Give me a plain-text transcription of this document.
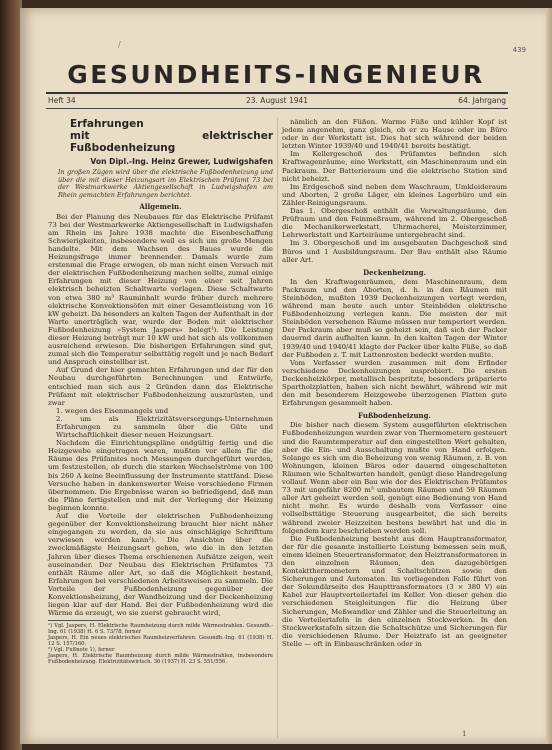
/
439
GESUNDHEITS-INGENIEUR
Heft 34	23. August 1941	64. Jahrgang
Erfahrungen
mit elektrischer Fußbodenheizung
Von Dipl.-Ing. Heinz Grewer, Ludwigshafen
In großen Zügen wird über die elektrische Fußbodenheizung und über die mit dieser Heizungsart im Elektrischen Prüfamt 73 bei der Westmarkwerke Aktiengesellschaft in Ludwigshafen am Rhein gemachten Erfahrungen berichtet.
Allgemein.

Bei der Planung des Neubaues für das Elektrische Prüfamt 73 bei der Westmarkwerke Aktiengesellschaft in Ludwigshafen am Rhein im Jahre 1938 machte die Eisenbeschaffung Schwierigkeiten, insbesondere weil es sich um große Mengen handelte. Mit dem Wachsen des Baues wurde die Heizungsfrage immer brennender. Damals wurde zum erstenmal die Frage erwogen, ob man nicht einen Versuch mit der elektrischen Fußbodenheizung machen sollte, zumal einige Erfahrungen mit dieser Heizung von einer seit Jahren elektrisch beheizten Schaltwarte vorlagen. Diese Schaltwarte von etwa 380 m³ Rauminhalt wurde früher durch mehrere elektrische Konvektionsöfen mit einer Gesamtleistung von 16 kW geheizt. Da besonders an kalten Tagen der Aufenthalt in der Warte unerträglich war, wurde der Boden mit elektrischer Fußbodenheizung »System Jaspers« belegt¹). Die Leistung dieser Heizung beträgt nur 10 kW und hat sich als vollkommen ausreichend erwiesen. Die bisherigen Erfahrungen sind gut, zumal sich die Temperatur selbsttätig regelt und je nach Bedarf und Anspruch einstellbar ist.

Auf Grund der hier gemachten Erfahrungen und der für den Neubau durchgeführten Berechnungen und Entwürfe, entschied man sich aus 2 Gründen dann das Elektrische Prüfamt mit elektrischer Fußbodenheizung auszurüsten, und zwar

1. wegen des Eisenmangels und
2. um als Elektrizitätsversorgungs-Unternehmen Erfahrungen zu sammeln über die Güte und Wirtschaftlichkeit dieser neuen Heizungsart.

Nachdem die Einrichtungspläne endgültig fertig und die Heizgewebe eingetragen waren, mußten vor allem für die Räume des Prüfamtes noch Messungen durchgeführt werden, um festzustellen, ob durch die starken Wechselströme von 100 bis 260 A keine Beeinflussung der Instrumente stattfand. Diese Versuche haben in dankenswerter Weise verschiedene Firmen übernommen. Die Ergebnisse waren so befriedigend, daß man die Pläne fertigstellen und mit der Verlegung der Heizung beginnen konnte.

Auf die Vorteile der elektrischen Fußbodenheizung gegenüber der Konvektionsheizung braucht hier nicht näher eingegangen zu werden, da sie aus einschlägige Schrifttum verwiesen werden kann²). Die Ansichten über die zweckmäßigste Heizungsart gehen, wie die in den letzten Jahren über dieses Thema erschienenen Aufsätze zeigen, weit auseinander. Der Neubau des Elektrischen Prüfamtes 73 enthält Räume aller Art, so daß die Möglichkeit bestand, Erfahrungen bei verschiedenen Arbeitsweisen zu sammeln. Die Vorteile der Fußbodenheizung gegenüber der Konvektionsheizung, der Wandheizung und der Deckenheizung liegen klar auf der Hand. Bei der Fußbodenheizung wird die Wärme da erzeugt, wo sie zuerst gebraucht wird,

¹) Vgl. Jaspers, H. Elektrische Raumheizung durch milde Wärmestrahlen. Gesundh.-Ing. 61 (1938) H. 6 S. 73/78, ferner
Jaspers, H. Ein neues elektrisches Raumheizverfahren. Gesundh.-Ing. 61 (1938) H. 12 S. 157/160.
²) Vgl. Fußnote 1), ferner
Jaspers, H. Elektrische Raumheizung durch milde Wärmestrahlen, insbesondere Fußbodenheizung. Elektrizitätswirtsch. 36 (1937) H. 23 S. 551/556.

nämlich an den Füßen. Warme Füße und kühler Kopf ist jedem angenehm, ganz gleich, ob er zu Hause oder im Büro oder in der Werkstatt ist. Dies hat sich während der beiden letzten Winter 1939/40 und 1940/41 bereits bestätigt.

Im Kellergeschoß des Prüfamtes befinden sich Kraftwagenräume, eine Werkstatt, ein Maschinenraum und ein Packraum. Der Batterieraum und die elektrische Station sind nicht beheizt.

Im Erdgeschoß sind neben dem Waschraum, Umkleideraum und Aborten, 2 große Läger, ein kleines Lagerbüro und ein Zähler-Reinigungsraum.

Das 1. Obergeschoß enthält die Verwaltungsräume, den Prüfraum und den Feinmeßraum, während im 2. Obergeschoß die Mechanikerwerkstatt, Uhrmacherei, Meisterzimmer, Lehrwerkstatt und Karteiräume untergebracht sind.

Im 3. Obergeschoß und im ausgebauten Dachgeschoß sind Büros und 1 Ausbildungsraum. Der Bau enthält also Räume aller Art.

Deckenheizung.

In den Kraftwagenräumen, dem Maschinenraum, dem Packraum und den Aborten, d. h. in den Räumen mit Steinböden, mußten 1939 Deckenheizungen verlegt werden, während man heute auch unter Steinböden elektrische Fußbodenheizung verlegen kann. Die meisten der mit Steinböden versehenen Räume müssen nur temperiert werden. Der Packraum aber muß so geheizt sein, daß sich der Packer dauernd darin aufhalten kann. In den kalten Tagen der Winter 1939/40 und 1940/41 klagte der Packer über kalte Füße, so daß der Fußboden z. T. mit Lattenrosten bedeckt werden mußte.

Vom Verfasser wurden zusammen mit dem Erfinder verschiedene Deckenheizungen ausprobiert. Die ersten Deckenheizkörper, metallisch bespritzte, besonders präparierte Spartholzplatten, haben sich nicht bewährt, während wir mit den mit besonderem Heizgewebe überzogenen Platten gute Erfahrungen gesammelt haben.

Fußbodenheizung.

Die bisher nach diesem System ausgeführten elektrischen Fußbodenheizungen wurden zwar von Thermometern gesteuert und die Raumtemperatur auf den eingestellten Wert gehalten, aber die Ein- und Ausschaltung mußte von Hand erfolgen. Solange es sich um die Beheizung von wenig Räumen, z. B. von Wohnungen, kleinen Büros oder dauernd eingeschalteten Räumen wie Schaltwarten handelt, genügt diese Handregelung vollauf. Wenn aber ein Bau wie der des Elektrischen Prüfamtes 73 mit ungefähr 8200 m³ umbautem Räumen und 59 Räumen aller Art geheizt werden soll, genügt eine Bedienung von Hand nicht mehr. Es wurde deshalb vom Verfasser eine vollselbsttätige Steuerung ausgearbeitet, die sich bereits während zweier Heizzeiten bestens bewährt hat und die in folgendem kurz beschrieben werden soll.

Die Fußbodenheizung besteht aus dem Hauptransformator, der für die gesamte installierte Leistung bemessen sein muß, einem kleinen Steuertransformator, den Heiztransformatoren in den einzelnen Räumen, den dazugehörigen Kontaktthermometern und Schaltschützen sowie den Sicherungen und Automaten. Im vorliegenden Falle führt von der Sekundärseite des Haupttransformators (3 × 380 V) ein Kabel zur Hauptverteilertafel im Keller. Von dieser gehen die verschiedenen Steigleitungen für die Heizung über Sicherungen, Meßwandler und Zähler und die Steuerleitung an die Verteilertafeln in den einzelnen Stockwerken. In den Stockwerkstafeln sitzen die Schaltschütze und Sicherungen für die verschiedenen Räume. Der Heiztrafo ist an geeigneter Stelle — oft in Einbauschränken oder in

1
